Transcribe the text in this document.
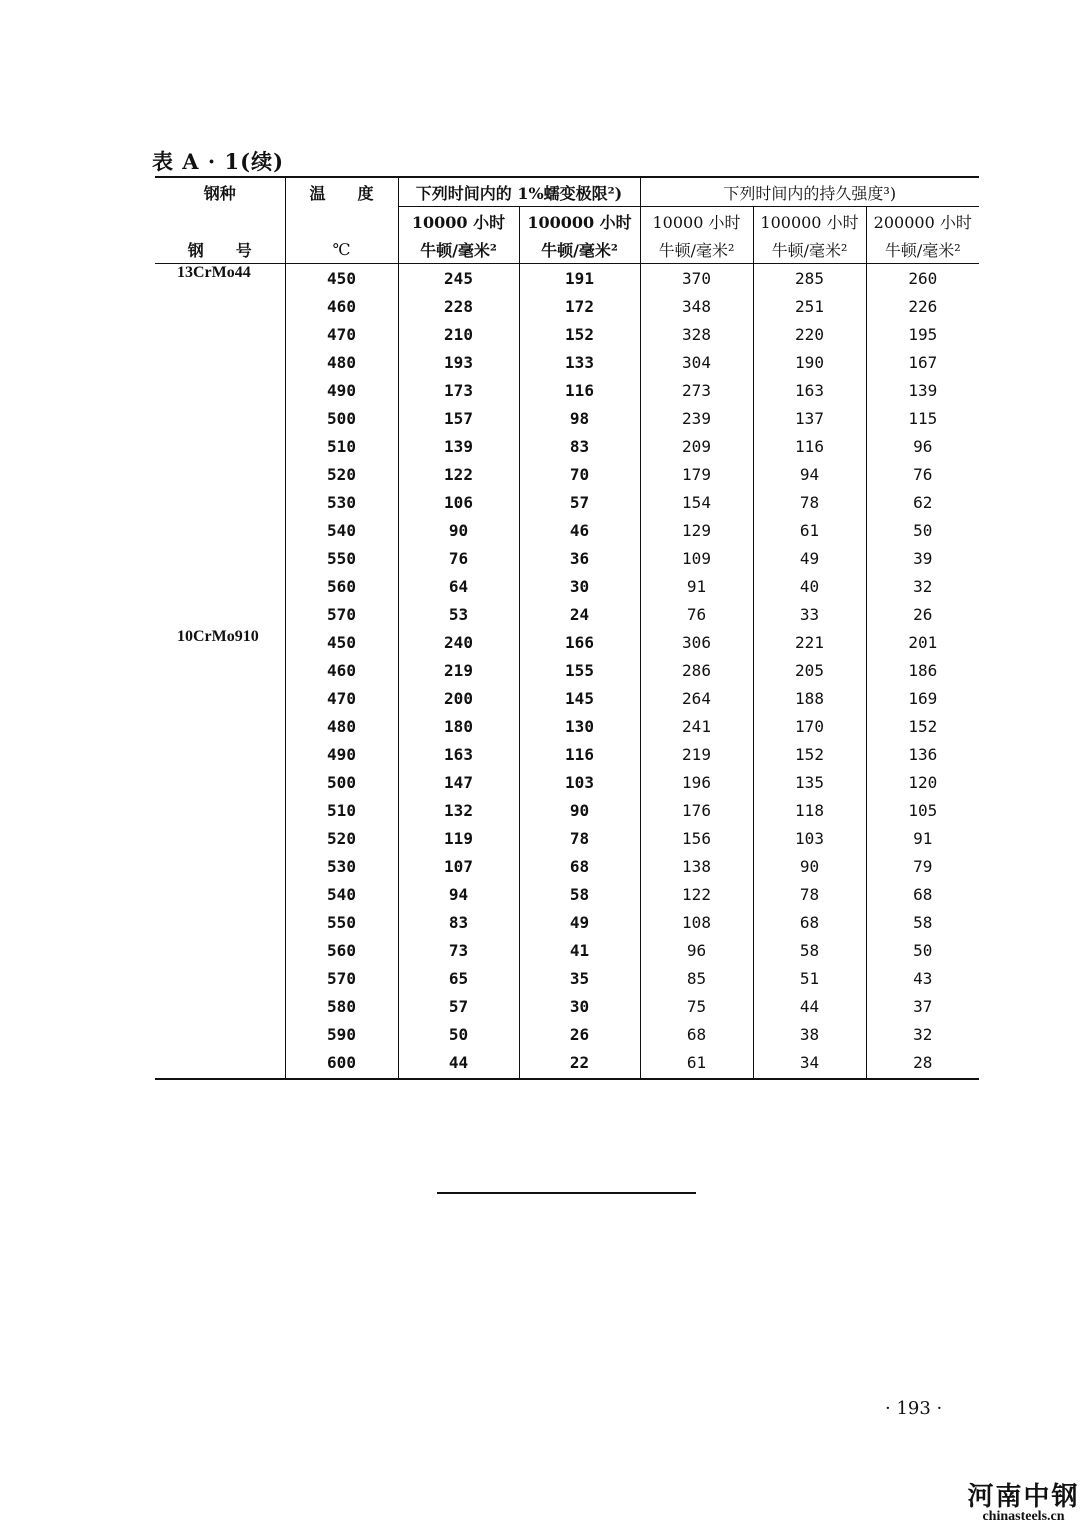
表 A · 1(续)
钢种	温　　度	下列时间内的 1%蠕变极限²)		下列时间内的持久强度³)		
		10000 小时	100000 小时	10000 小时	100000 小时	200000 小时
钢　　号	℃	牛顿/毫米²	牛顿/毫米²	牛顿/毫米²	牛顿/毫米²	牛顿/毫米²
13CrMo44	450	245	191	370	285	260
	460	228	172	348	251	226
	470	210	152	328	220	195
	480	193	133	304	190	167
	490	173	116	273	163	139
	500	157	98	239	137	115
	510	139	83	209	116	96
	520	122	70	179	94	76
	530	106	57	154	78	62
	540	90	46	129	61	50
	550	76	36	109	49	39
	560	64	30	91	40	32
	570	53	24	76	33	26
10CrMo910	450	240	166	306	221	201
	460	219	155	286	205	186
	470	200	145	264	188	169
	480	180	130	241	170	152
	490	163	116	219	152	136
	500	147	103	196	135	120
	510	132	90	176	118	105
	520	119	78	156	103	91
	530	107	68	138	90	79
	540	94	58	122	78	68
	550	83	49	108	68	58
	560	73	41	96	58	50
	570	65	35	85	51	43
	580	57	30	75	44	37
	590	50	26	68	38	32
	600	44	22	61	34	28
· 193 ·
河南中钢
chinasteels.cn
